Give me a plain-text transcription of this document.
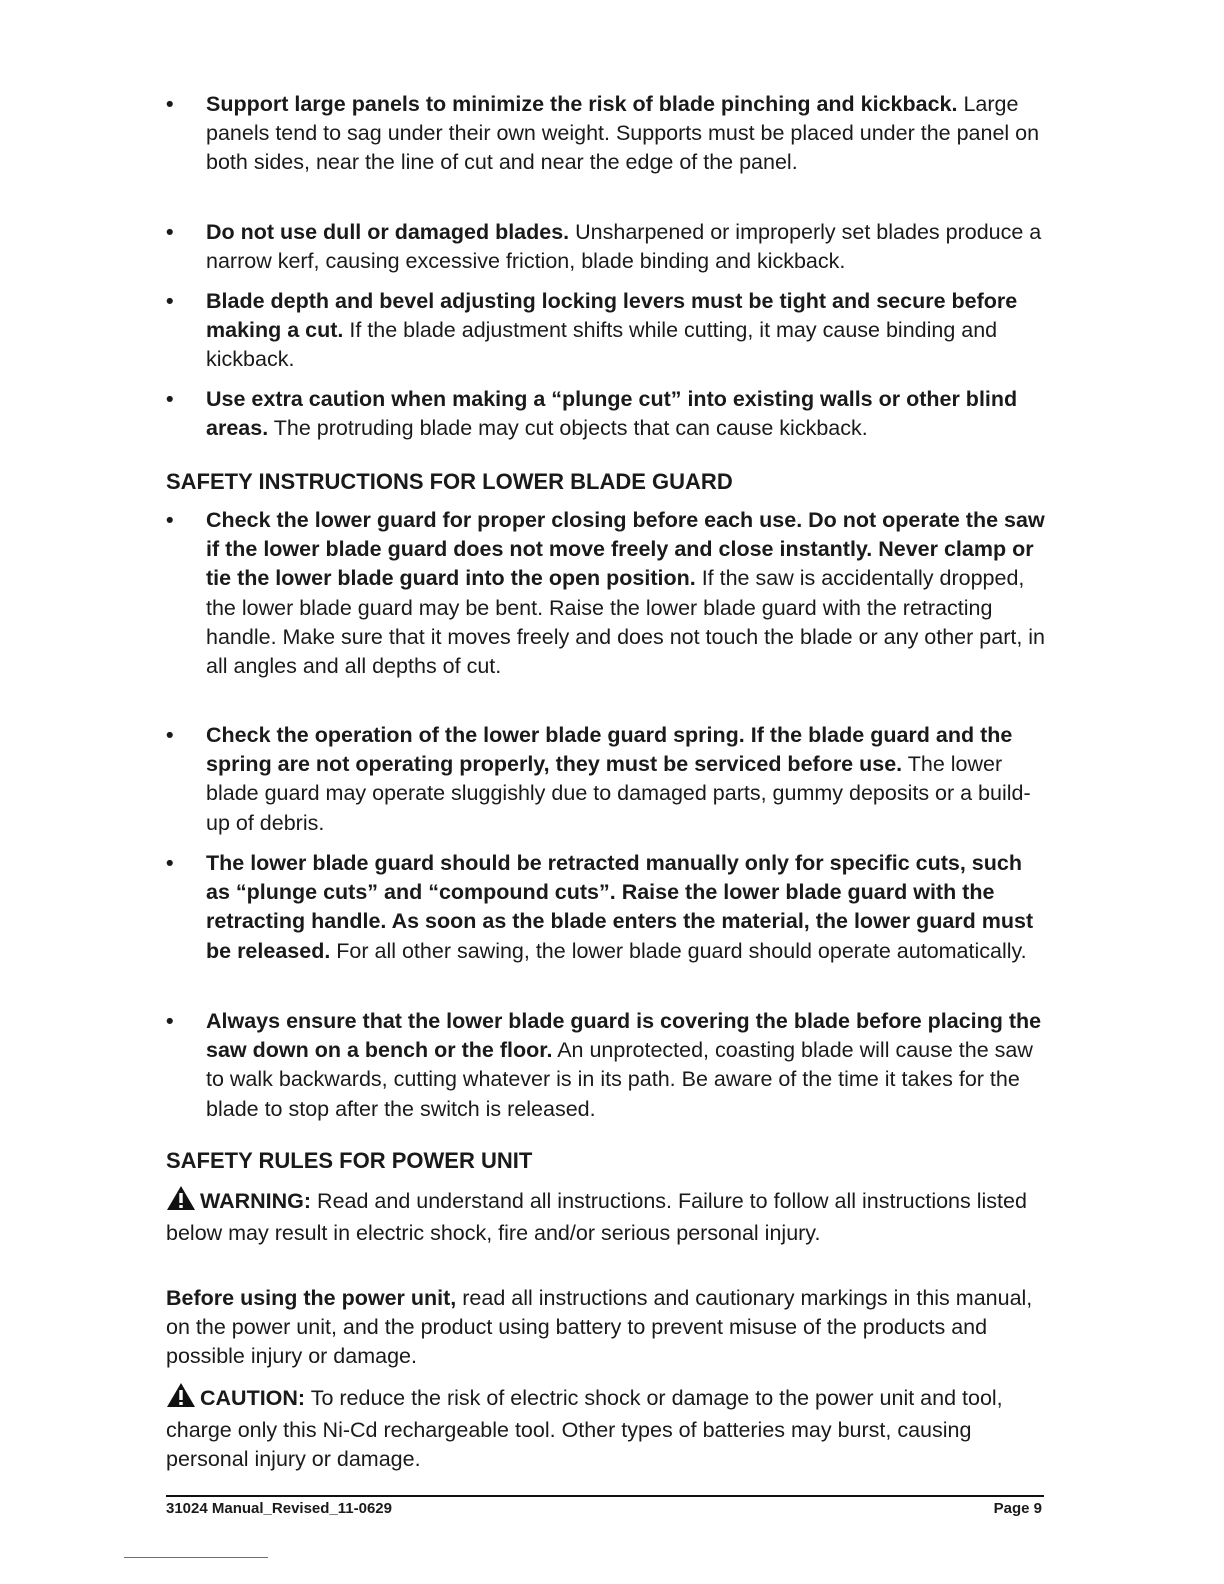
• Support large panels to minimize the risk of blade pinching and kickback. Large panels tend to sag under their own weight. Supports must be placed under the panel on both sides, near the line of cut and near the edge of the panel.
• Do not use dull or damaged blades. Unsharpened or improperly set blades produce a narrow kerf, causing excessive friction, blade binding and kickback.
• Blade depth and bevel adjusting locking levers must be tight and secure before making a cut. If the blade adjustment shifts while cutting, it may cause binding and kickback.
• Use extra caution when making a “plunge cut” into existing walls or other blind areas. The protruding blade may cut objects that can cause kickback.
SAFETY INSTRUCTIONS FOR LOWER BLADE GUARD
• Check the lower guard for proper closing before each use. Do not operate the saw if the lower blade guard does not move freely and close instantly. Never clamp or tie the lower blade guard into the open position. If the saw is accidentally dropped, the lower blade guard may be bent. Raise the lower blade guard with the retracting handle. Make sure that it moves freely and does not touch the blade or any other part, in all angles and all depths of cut.
• Check the operation of the lower blade guard spring. If the blade guard and the spring are not operating properly, they must be serviced before use. The lower blade guard may operate sluggishly due to damaged parts, gummy deposits or a build-up of debris.
• The lower blade guard should be retracted manually only for specific cuts, such as “plunge cuts” and “compound cuts”. Raise the lower blade guard with the retracting handle. As soon as the blade enters the material, the lower guard must be released. For all other sawing, the lower blade guard should operate automatically.
• Always ensure that the lower blade guard is covering the blade before placing the saw down on a bench or the floor. An unprotected, coasting blade will cause the saw to walk backwards, cutting whatever is in its path. Be aware of the time it takes for the blade to stop after the switch is released.
SAFETY RULES FOR POWER UNIT
WARNING: Read and understand all instructions. Failure to follow all instructions listed below may result in electric shock, fire and/or serious personal injury.
Before using the power unit, read all instructions and cautionary markings in this manual, on the power unit, and the product using battery to prevent misuse of the products and possible injury or damage.
CAUTION: To reduce the risk of electric shock or damage to the power unit and tool, charge only this Ni-Cd rechargeable tool. Other types of batteries may burst, causing personal injury or damage.
31024 Manual_Revised_11-0629	Page 9
